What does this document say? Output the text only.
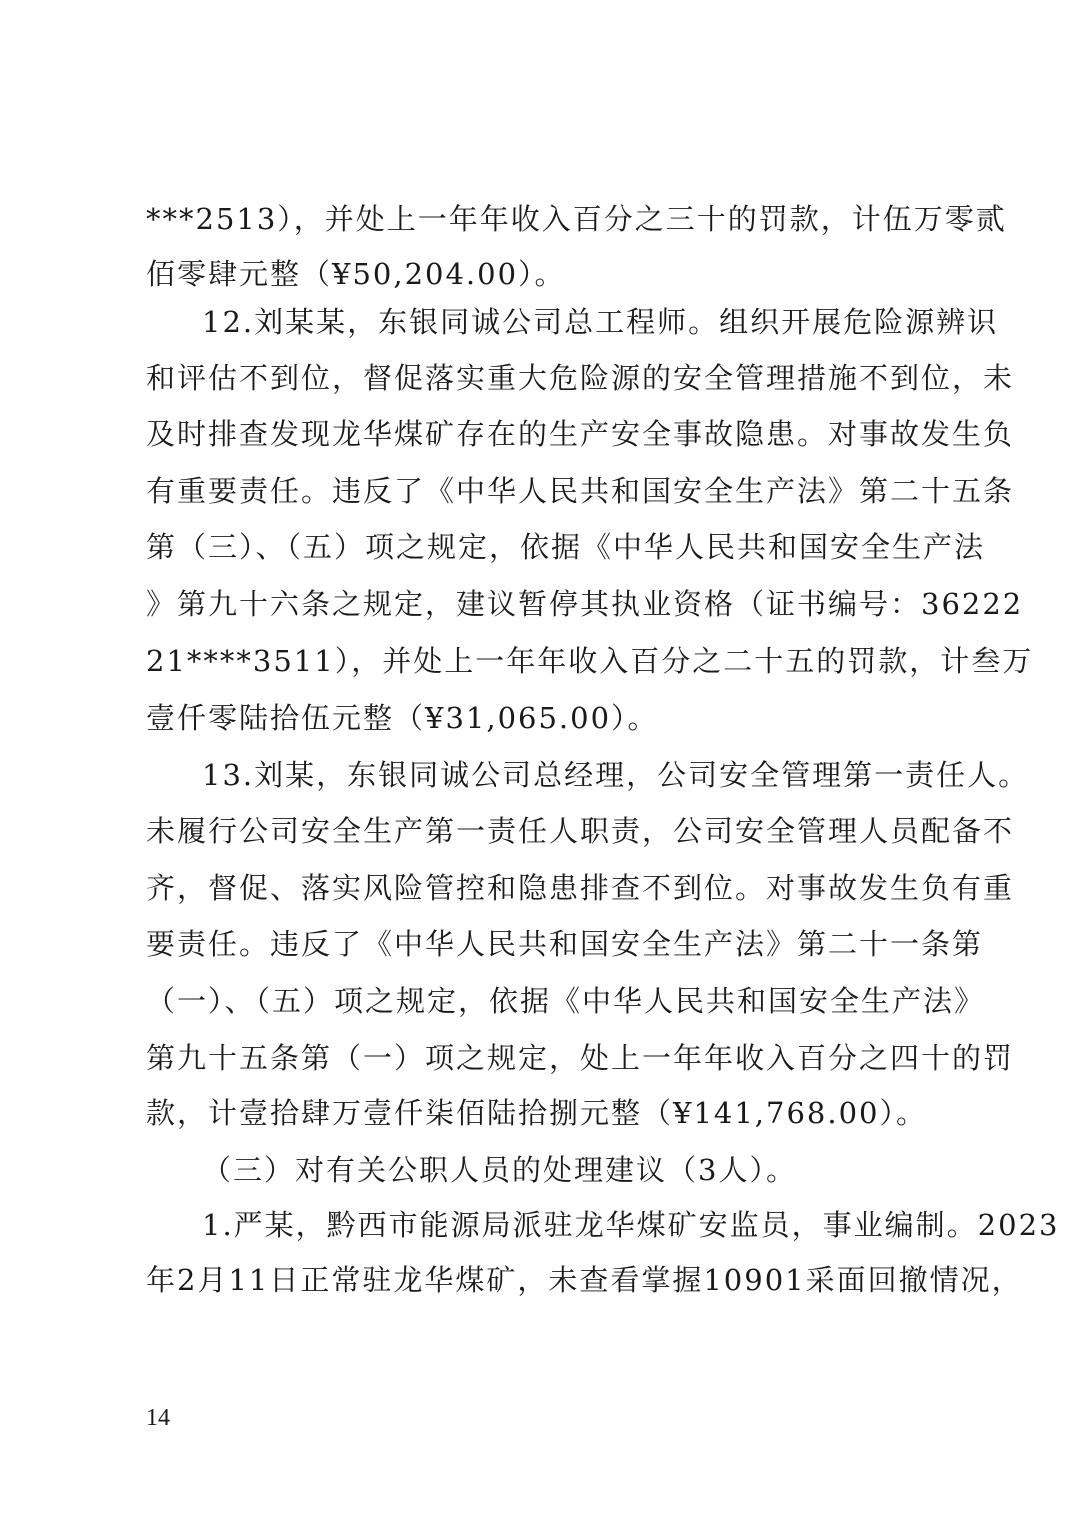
***2513），并处上一年年收入百分之三十的罚款，计伍万零贰
佰零肆元整（¥50,204.00）。
12.刘某某，东银同诚公司总工程师。组织开展危险源辨识
和评估不到位，督促落实重大危险源的安全管理措施不到位，未
及时排查发现龙华煤矿存在的生产安全事故隐患。对事故发生负
有重要责任。违反了《中华人民共和国安全生产法》第二十五条
第（三）、（五）项之规定，依据《中华人民共和国安全生产法
》第九十六条之规定，建议暂停其执业资格（证书编号：36222
21****3511），并处上一年年收入百分之二十五的罚款，计叁万
壹仟零陆拾伍元整（¥31,065.00）。
13.刘某，东银同诚公司总经理，公司安全管理第一责任人。
未履行公司安全生产第一责任人职责，公司安全管理人员配备不
齐，督促、落实风险管控和隐患排查不到位。对事故发生负有重
要责任。违反了《中华人民共和国安全生产法》第二十一条第
（一）、（五）项之规定，依据《中华人民共和国安全生产法》
第九十五条第（一）项之规定，处上一年年收入百分之四十的罚
款，计壹拾肆万壹仟柒佰陆拾捌元整（¥141,768.00）。
（三）对有关公职人员的处理建议（3人）。
1.严某，黔西市能源局派驻龙华煤矿安监员，事业编制。2023
年2月11日正常驻龙华煤矿，未查看掌握10901采面回撤情况，
14
